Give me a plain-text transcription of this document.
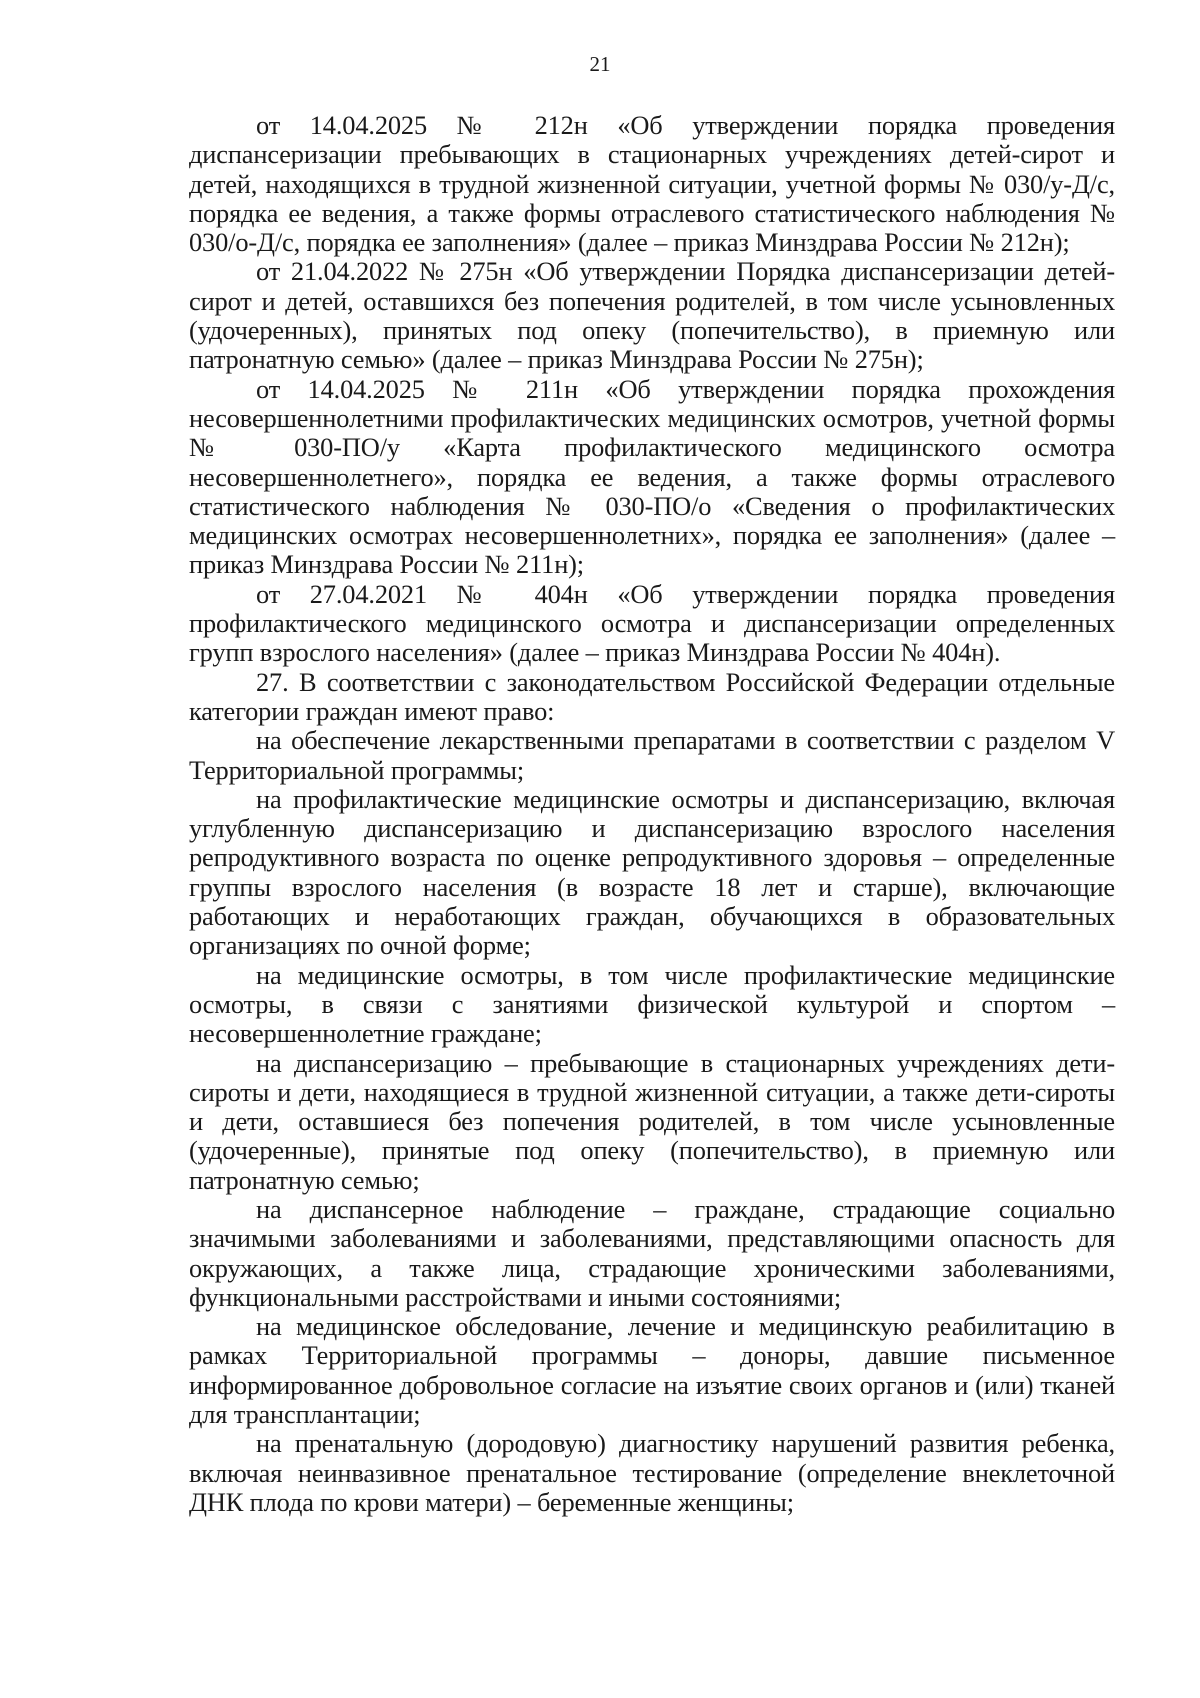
21

от 14.04.2025 № 212н «Об утверждении порядка проведения диспансеризации пребывающих в стационарных учреждениях детей-сирот и детей, находящихся в трудной жизненной ситуации, учетной формы № 030/у-Д/с, порядка ее ведения, а также формы отраслевого статистического наблюдения № 030/о-Д/с, порядка ее заполнения» (далее – приказ Минздрава России № 212н);

от 21.04.2022 № 275н «Об утверждении Порядка диспансеризации детей-сирот и детей, оставшихся без попечения родителей, в том числе усыновленных (удочеренных), принятых под опеку (попечительство), в приемную или патронатную семью» (далее – приказ Минздрава России № 275н);

от 14.04.2025 № 211н «Об утверждении порядка прохождения несовершеннолетними профилактических медицинских осмотров, учетной формы № 030-ПО/у «Карта профилактического медицинского осмотра несовершеннолетнего», порядка ее ведения, а также формы отраслевого статистического наблюдения № 030-ПО/о «Сведения о профилактических медицинских осмотрах несовершеннолетних», порядка ее заполнения» (далее – приказ Минздрава России № 211н);

от 27.04.2021 № 404н «Об утверждении порядка проведения профилактического медицинского осмотра и диспансеризации определенных групп взрослого населения» (далее – приказ Минздрава России № 404н).

27. В соответствии с законодательством Российской Федерации отдельные категории граждан имеют право:

на обеспечение лекарственными препаратами в соответствии с разделом V Территориальной программы;

на профилактические медицинские осмотры и диспансеризацию, включая углубленную диспансеризацию и диспансеризацию взрослого населения репродуктивного возраста по оценке репродуктивного здоровья – определенные группы взрослого населения (в возрасте 18 лет и старше), включающие работающих и неработающих граждан, обучающихся в образовательных организациях по очной форме;

на медицинские осмотры, в том числе профилактические медицинские осмотры, в связи с занятиями физической культурой и спортом – несовершеннолетние граждане;

на диспансеризацию – пребывающие в стационарных учреждениях дети-сироты и дети, находящиеся в трудной жизненной ситуации, а также дети-сироты и дети, оставшиеся без попечения родителей, в том числе усыновленные (удочеренные), принятые под опеку (попечительство), в приемную или патронатную семью;

на диспансерное наблюдение – граждане, страдающие социально значимыми заболеваниями и заболеваниями, представляющими опасность для окружающих, а также лица, страдающие хроническими заболеваниями, функциональными расстройствами и иными состояниями;

на медицинское обследование, лечение и медицинскую реабилитацию в рамках Территориальной программы – доноры, давшие письменное информированное добровольное согласие на изъятие своих органов и (или) тканей для трансплантации;

на пренатальную (дородовую) диагностику нарушений развития ребенка, включая неинвазивное пренатальное тестирование (определение внеклеточной ДНК плода по крови матери) – беременные женщины;
